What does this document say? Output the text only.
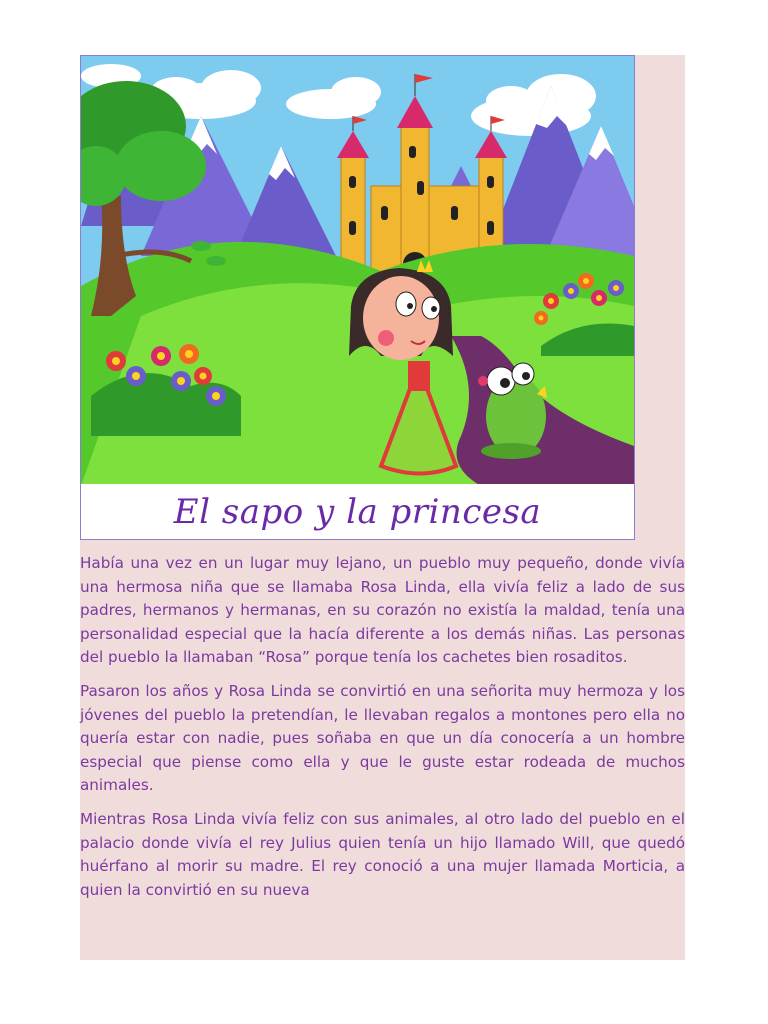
El sapo y la princesa

Había una vez en un lugar muy lejano, un pueblo muy pequeño, donde vivía una hermosa niña que se llamaba Rosa Linda, ella vivía feliz a lado de sus padres, hermanos y hermanas, en su corazón no existía la maldad, tenía una personalidad especial que la hacía diferente a los demás niñas. Las personas del pueblo la llamaban “Rosa” porque tenía los cachetes bien rosaditos.

Pasaron los años y Rosa Linda se convirtió en una señorita muy hermoza y los jóvenes del pueblo la pretendían, le llevaban regalos a montones pero ella no quería estar con nadie, pues soñaba en que un día conocería a un hombre especial que piense como ella y que le guste estar rodeada de muchos animales.

Mientras Rosa Linda vivía feliz con sus animales, al otro lado del pueblo en el palacio donde vivía el rey Julius quien tenía un hijo llamado Will, que quedó huérfano al morir su madre. El rey conoció a una mujer llamada Morticia, a quien la convirtió en su nueva
